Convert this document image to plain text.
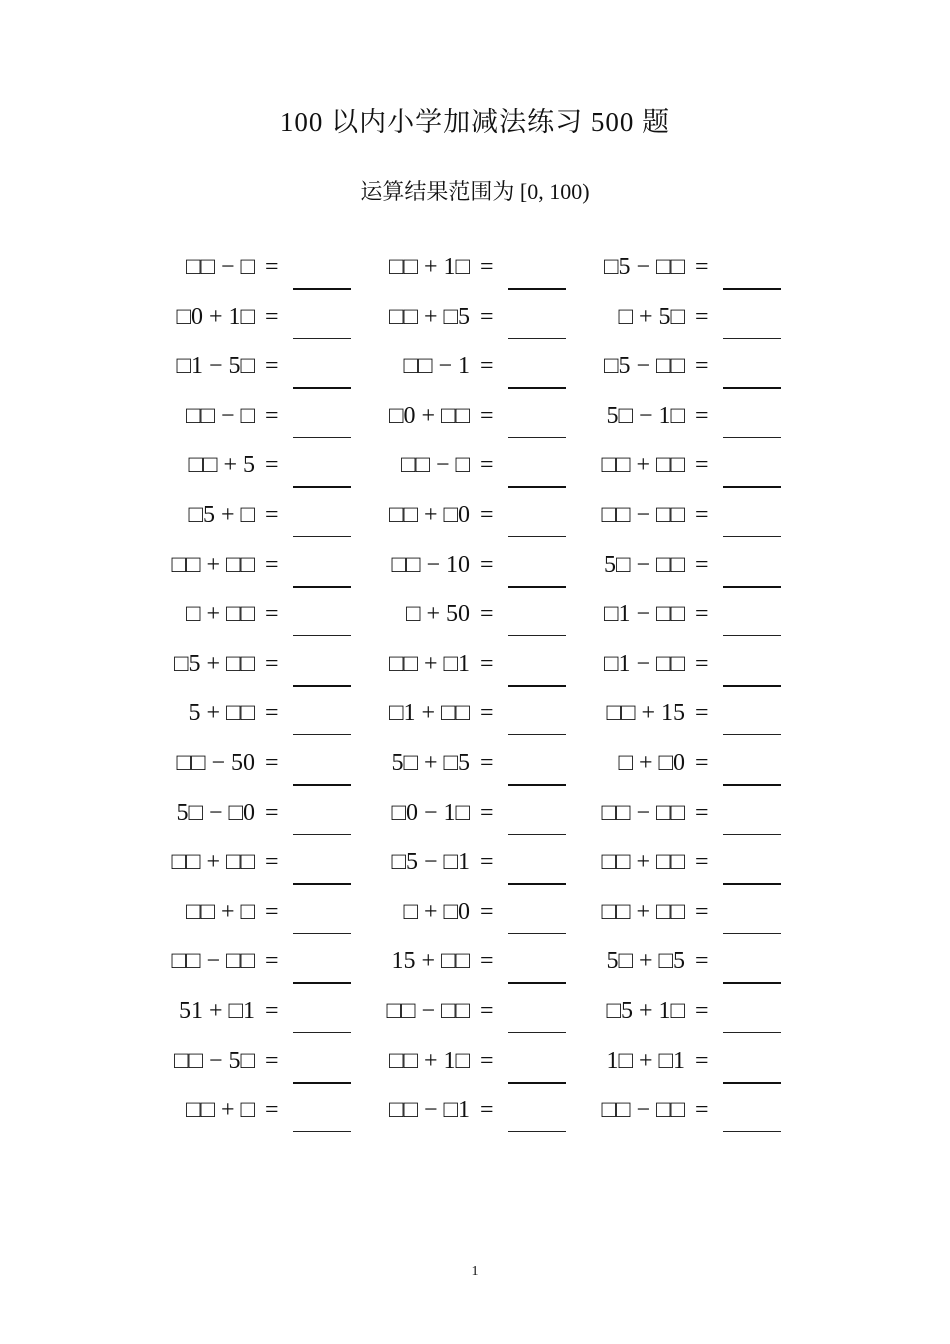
100 以内小学加减法练习 500 题
运算结果范围为 [0, 100)
□□ − □ =	□□ + 1□ =	□5 − □□ =
□0 + 1□ =	□□ + □5 =	□ + 5□ =
□1 − 5□ =	□□ − 1 =	□5 − □□ =
□□ − □ =	□0 + □□ =	5□ − 1□ =
□□ + 5 =	□□ − □ =	□□ + □□ =
□5 + □ =	□□ + □0 =	□□ − □□ =
□□ + □□ =	□□ − 10 =	5□ − □□ =
□ + □□ =	□ + 50 =	□1 − □□ =
□5 + □□ =	□□ + □1 =	□1 − □□ =
5 + □□ =	□1 + □□ =	□□ + 15 =
□□ − 50 =	5□ + □5 =	□ + □0 =
5□ − □0 =	□0 − 1□ =	□□ − □□ =
□□ + □□ =	□5 − □1 =	□□ + □□ =
□□ + □ =	□ + □0 =	□□ + □□ =
□□ − □□ =	15 + □□ =	5□ + □5 =
51 + □1 =	□□ − □□ =	□5 + 1□ =
□□ − 5□ =	□□ + 1□ =	1□ + □1 =
□□ + □ =	□□ − □1 =	□□ − □□ =
1
